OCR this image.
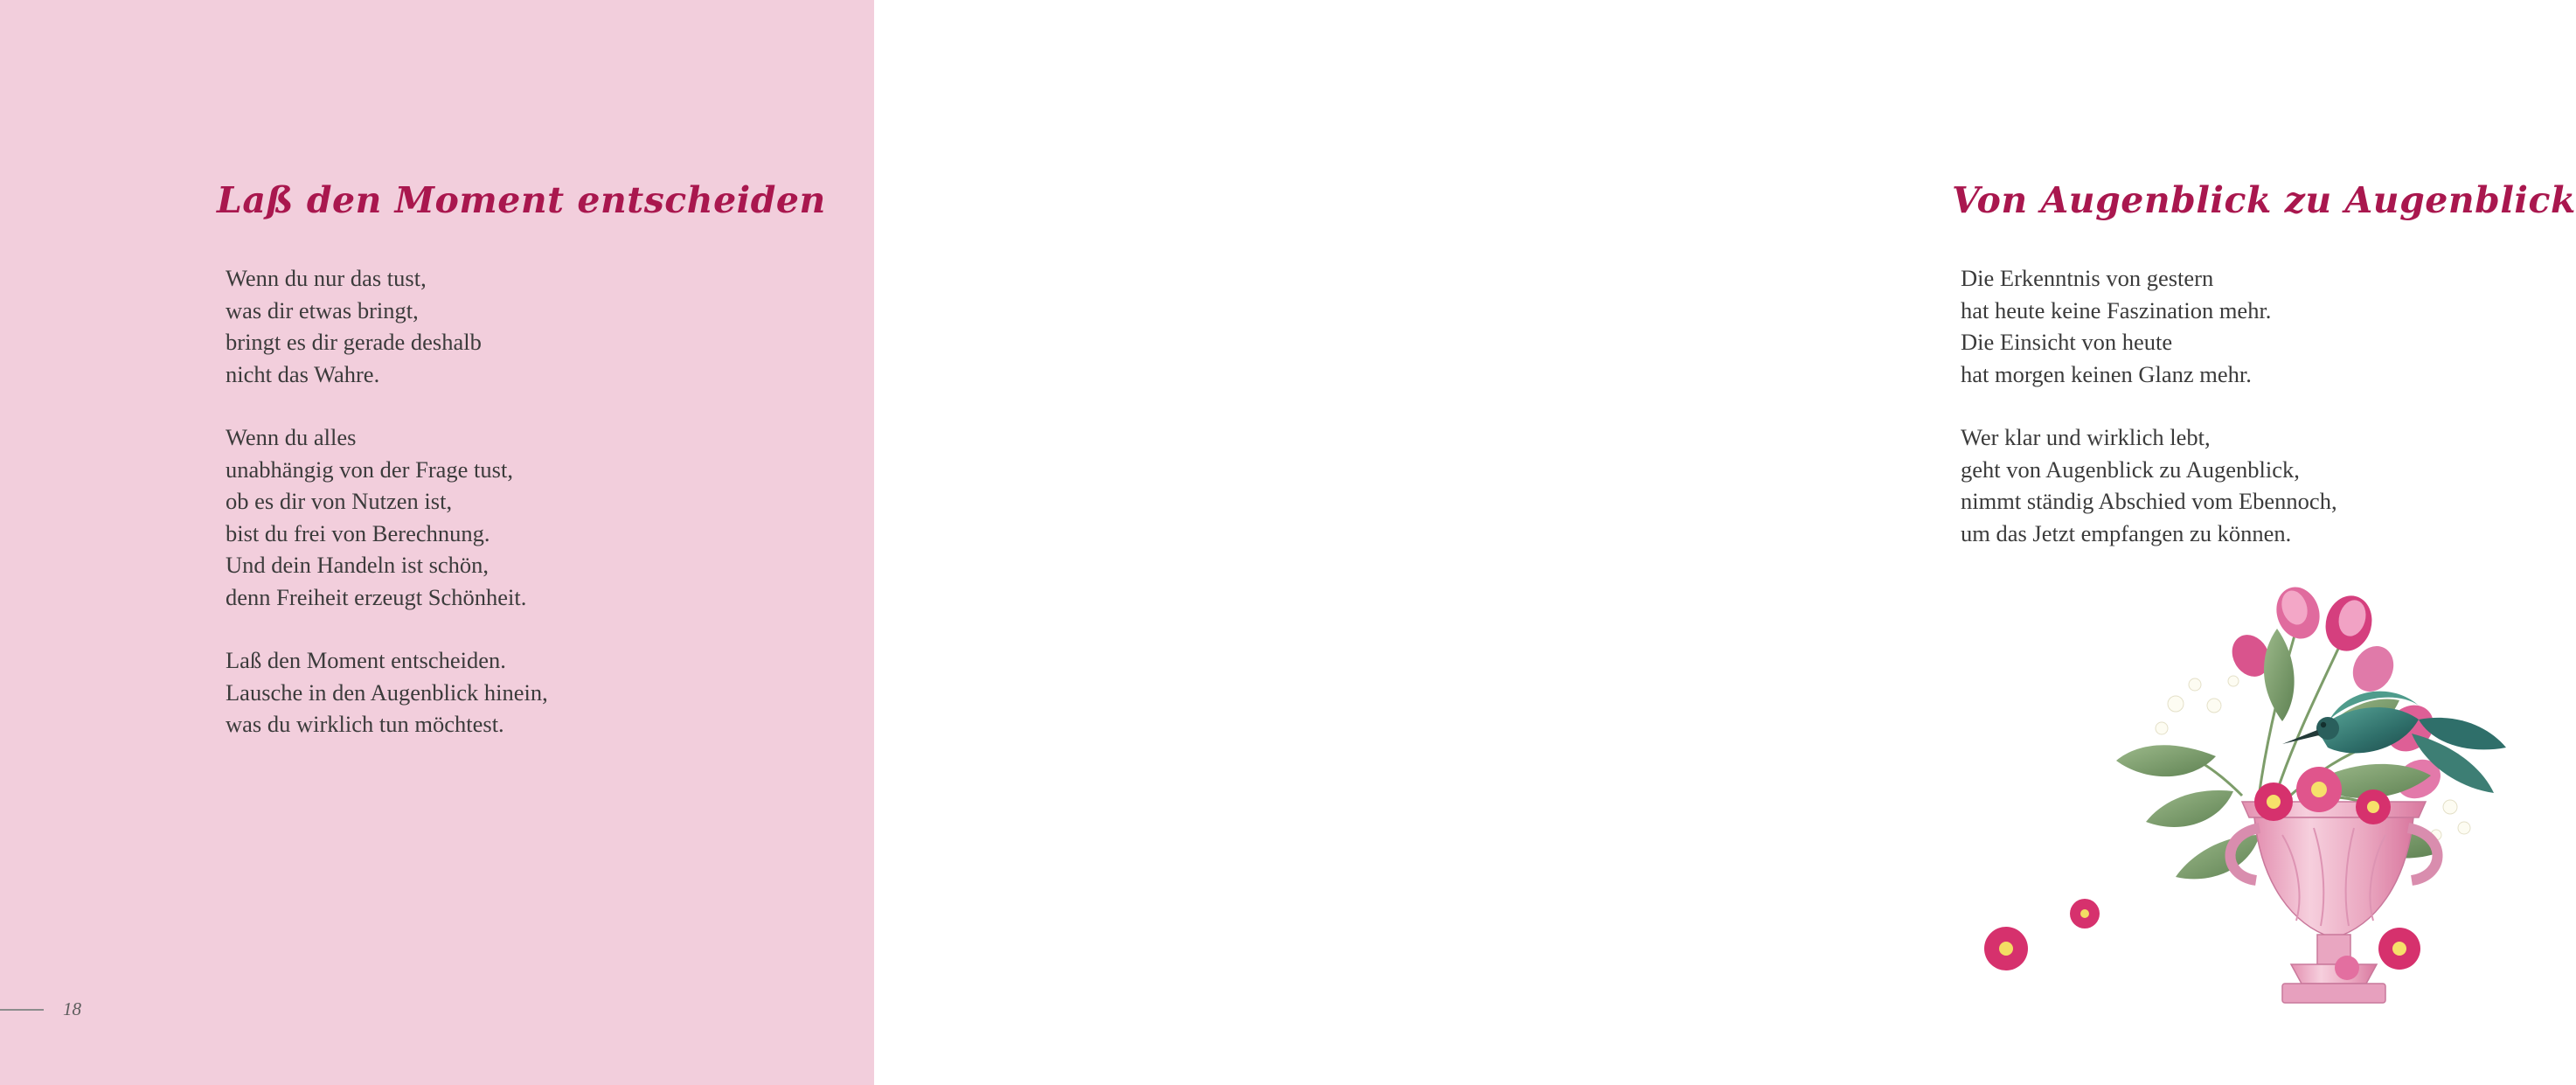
Laß den Moment entscheiden

Wenn du nur das tust,
was dir etwas bringt,
bringt es dir gerade deshalb
nicht das Wahre.

Wenn du alles
unabhängig von der Frage tust,
ob es dir von Nutzen ist,
bist du frei von Berechnung.
Und dein Handeln ist schön,
denn Freiheit erzeugt Schönheit.

Laß den Moment entscheiden.
Lausche in den Augenblick hinein,
was du wirklich tun möchtest.

18
Von Augenblick zu Augenblick

Die Erkenntnis von gestern
hat heute keine Faszination mehr.
Die Einsicht von heute
hat morgen keinen Glanz mehr.

Wer klar und wirklich lebt,
geht von Augenblick zu Augenblick,
nimmt ständig Abschied vom Ebennoch,
um das Jetzt empfangen zu können.
